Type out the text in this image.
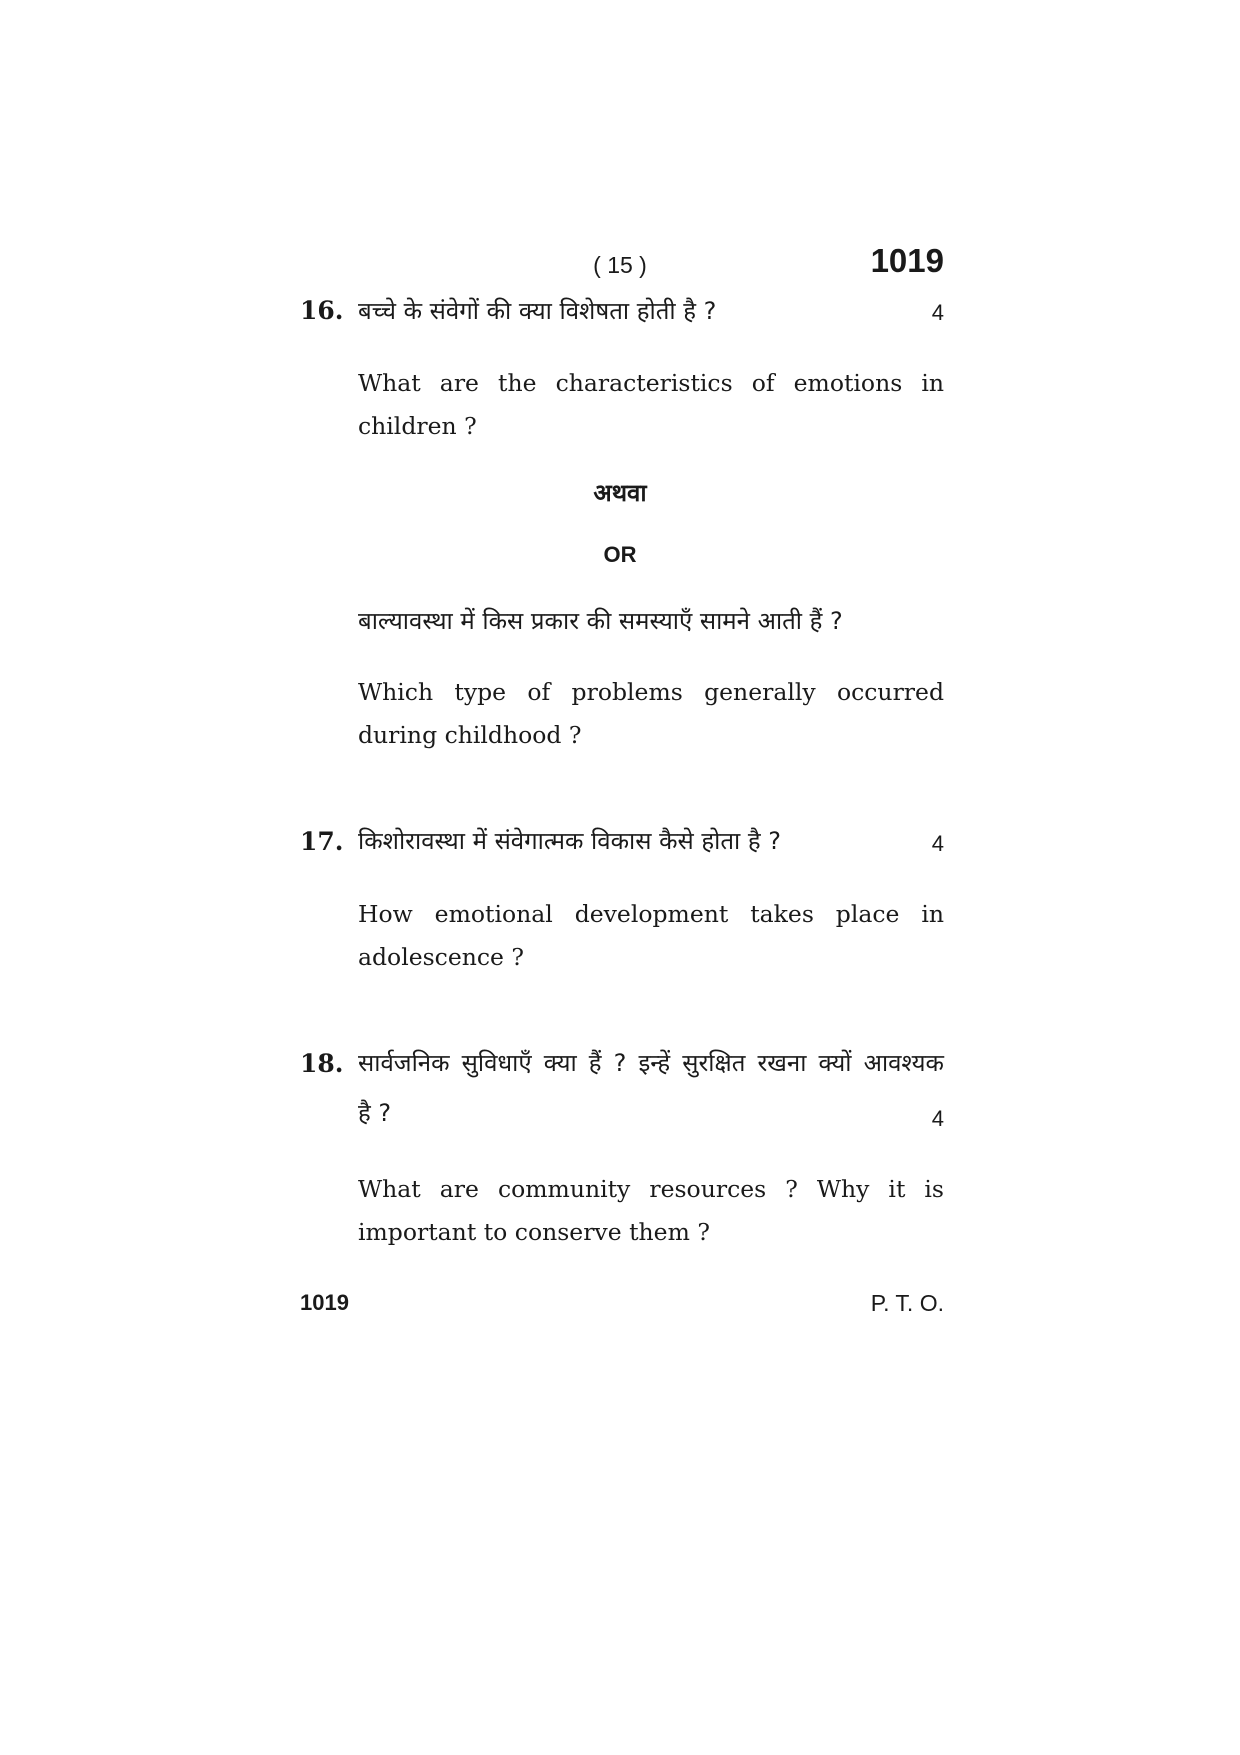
( 15 )	1019
16. बच्चे के संवेगों की क्या विशेषता होती है ?	4
What are the characteristics of emotions in children ?
अथवा
OR
बाल्यावस्था में किस प्रकार की समस्याएँ सामने आती हैं ?
Which type of problems generally occurred during childhood ?
17. किशोरावस्था में संवेगात्मक विकास कैसे होता है ?	4
How emotional development takes place in adolescence ?
18. सार्वजनिक सुविधाएँ क्या हैं ? इन्हें सुरक्षित रखना क्यों आवश्यक
है ?	4
What are community resources ? Why it is important to conserve them ?
1019	P. T. O.
